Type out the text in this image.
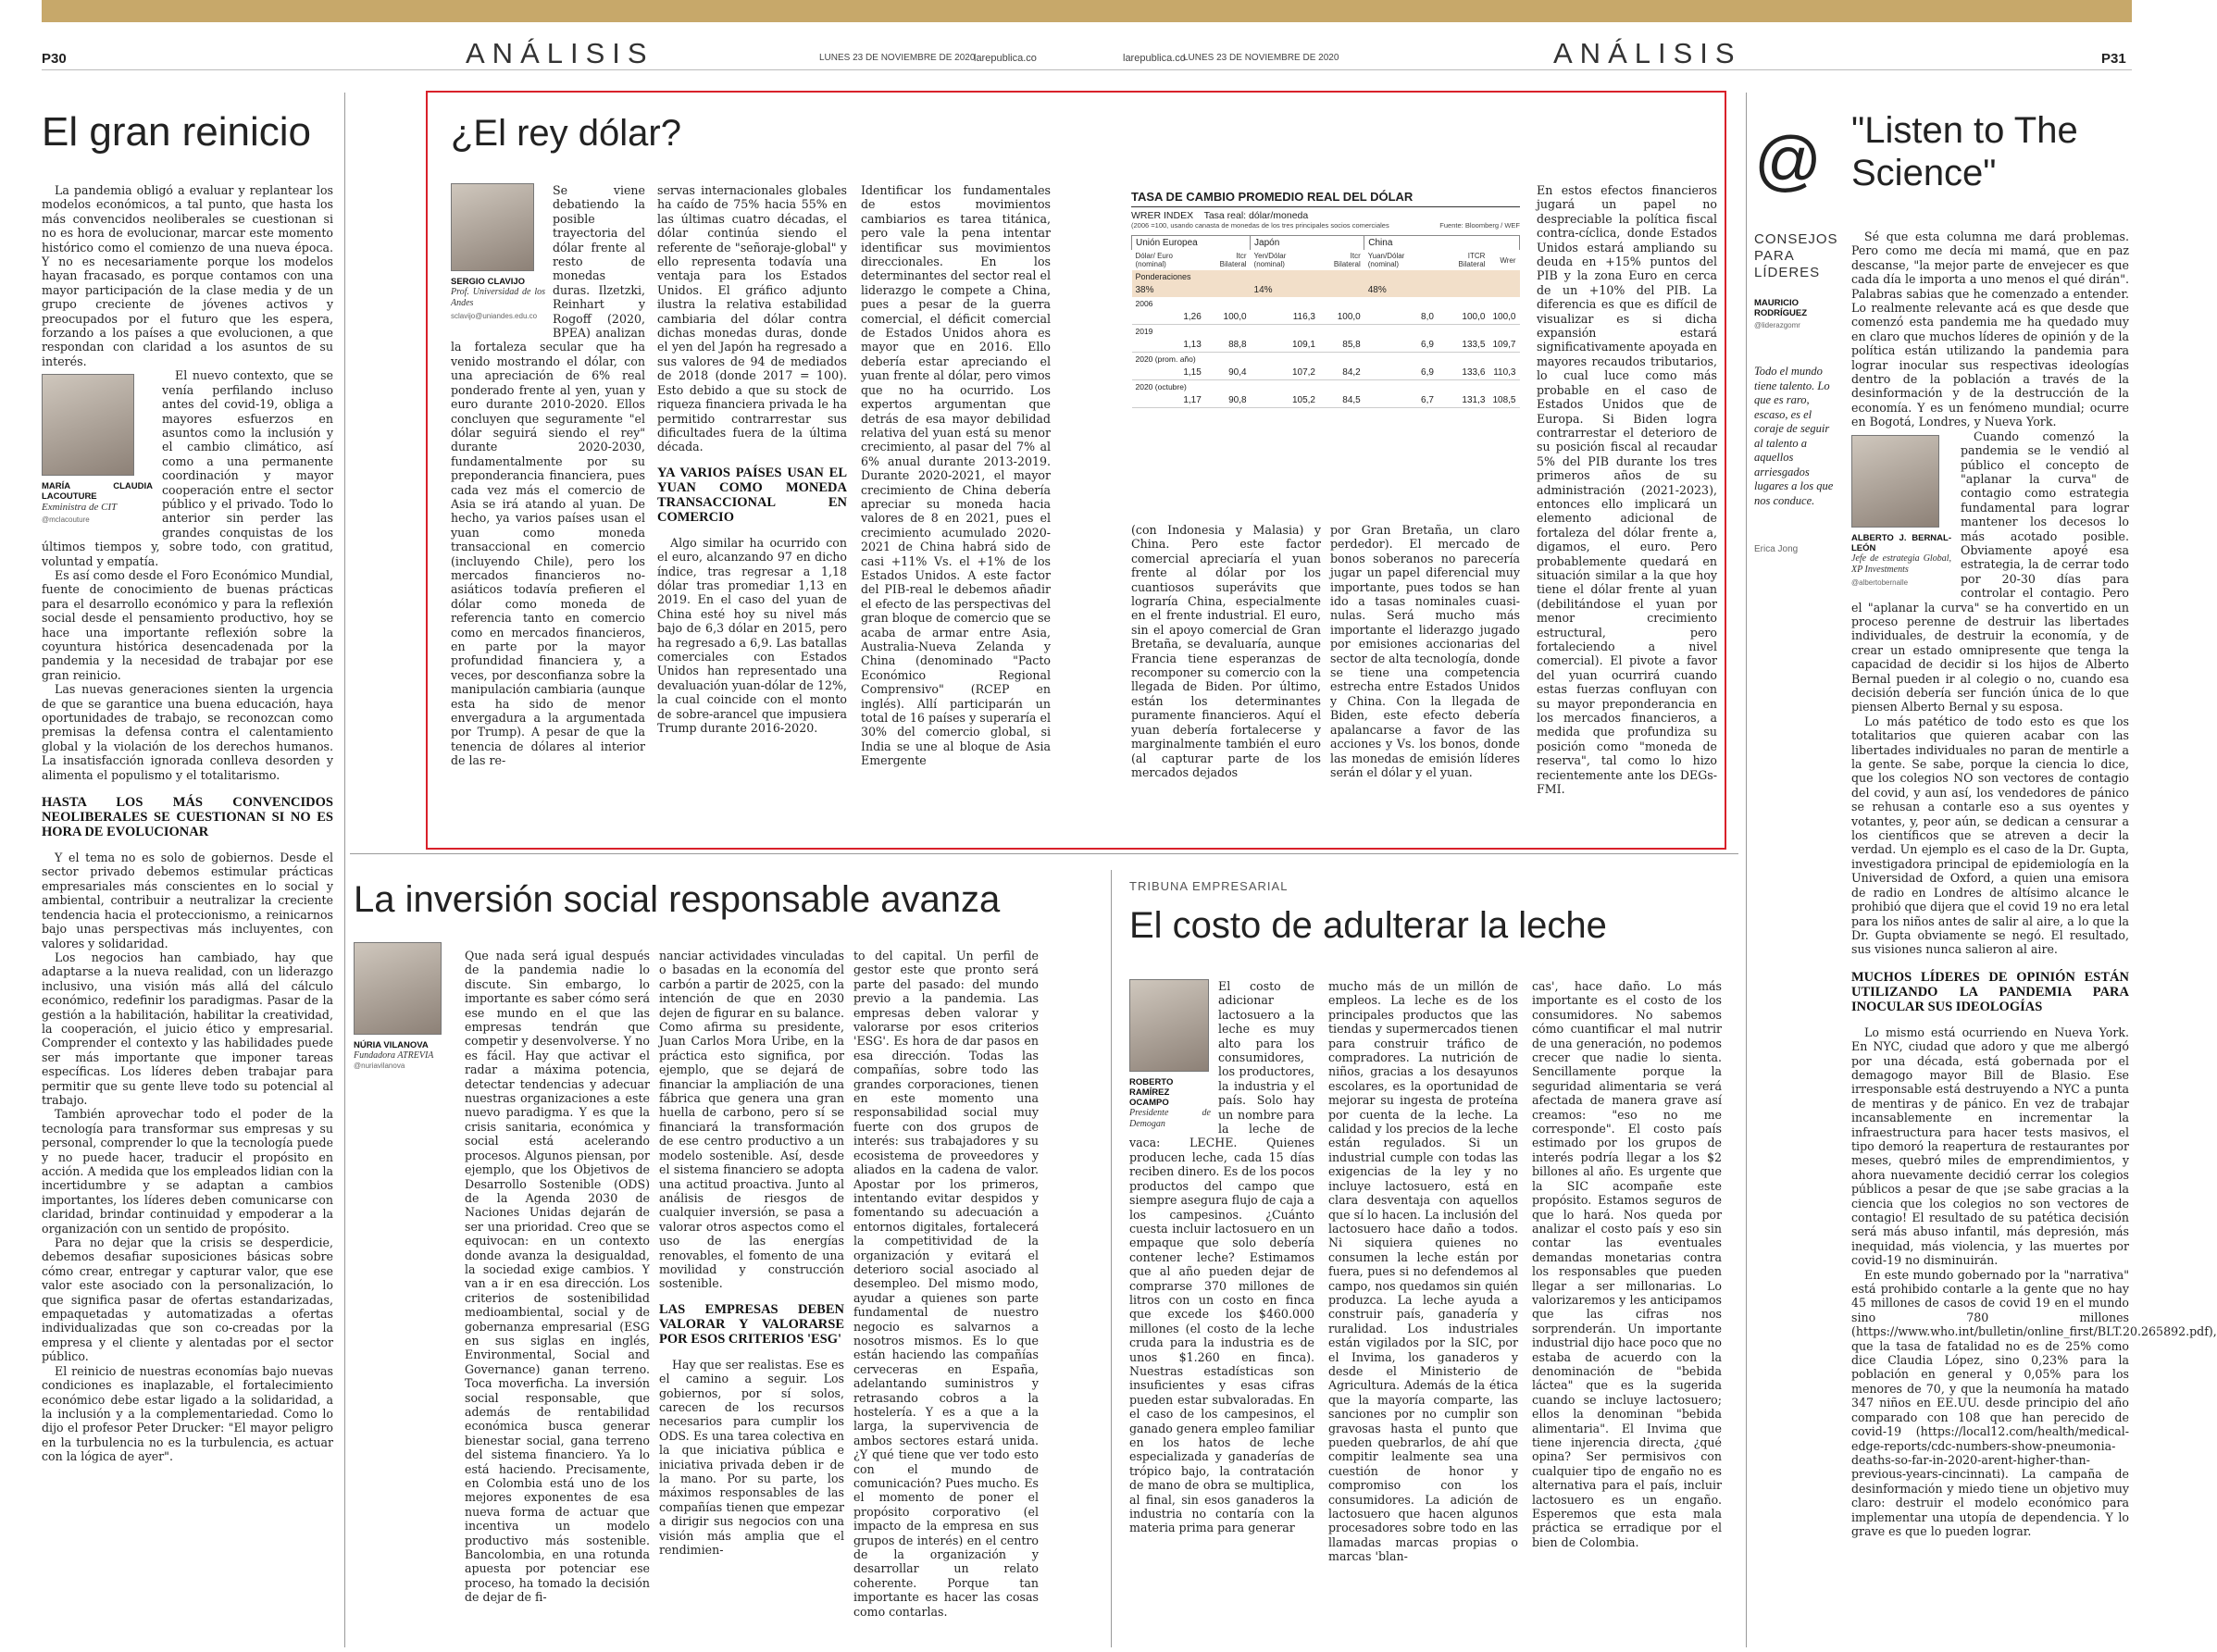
P30	ANÁLISIS	LUNES 23 DE NOVIEMBRE DE 2020
larepublica.co	larepublica.co
LUNES 23 DE NOVIEMBRE DE 2020	ANÁLISIS	P31
El gran reinicio

La pandemia obligó a evaluar y replantear los modelos económicos, a tal punto, que hasta los más convencidos neoliberales se cuestionan si no es hora de evolucionar, marcar este momento histórico como el comienzo de una nueva época. Y no es necesariamente porque los modelos hayan fracasado, es porque contamos con una mayor participación de la clase media y de un grupo creciente de jóvenes activos y preocupados por el futuro que les espera, forzando a los países a que evolucionen, a que respondan con claridad a los asuntos de su interés.

MARÍA CLAUDIA LACOUTURE
Exministra de CIT
@mclacouture

El nuevo contexto, que se venía perfilando incluso antes del covid-19, obliga a mayores esfuerzos en asuntos como la inclusión y el cambio climático, así como a una permanente coordinación y mayor cooperación entre el sector público y el privado. Todo lo anterior sin perder las grandes conquistas de los últimos tiempos y, sobre todo, con gratitud, voluntad y empatía.

Es así como desde el Foro Económico Mundial, fuente de conocimiento de buenas prácticas para el desarrollo económico y para la reflexión social desde el pensamiento productivo, hoy se hace una importante reflexión sobre la coyuntura histórica desencadenada por la pandemia y la necesidad de trabajar por ese gran reinicio.

Las nuevas generaciones sienten la urgencia de que se garantice una buena educación, haya oportunidades de trabajo, se reconozcan como premisas la defensa contra el calentamiento global y la violación de los derechos humanos. La insatisfacción ignorada conlleva desorden y alimenta el populismo y el totalitarismo.

HASTA LOS MÁS CONVENCIDOS NEOLIBERALES SE CUESTIONAN SI NO ES HORA DE EVOLUCIONAR

Y el tema no es solo de gobiernos. Desde el sector privado debemos estimular prácticas empresariales más conscientes en lo social y ambiental, contribuir a neutralizar la creciente tendencia hacia el proteccionismo, a reinicarnos bajo unas perspectivas más incluyentes, con valores y solidaridad.

Los negocios han cambiado, hay que adaptarse a la nueva realidad, con un liderazgo inclusivo, una visión más allá del cálculo económico, redefinir los paradigmas. Pasar de la gestión a la habilitación, habilitar la creatividad, la cooperación, el juicio ético y empresarial. Comprender el contexto y las habilidades puede ser más importante que imponer tareas específicas. Los líderes deben trabajar para permitir que su gente lleve todo su potencial al trabajo.

También aprovechar todo el poder de la tecnología para transformar sus empresas y su personal, comprender lo que la tecnología puede y no puede hacer, traducir el propósito en acción. A medida que los empleados lidian con la incertidumbre y se adaptan a cambios importantes, los líderes deben comunicarse con claridad, brindar continuidad y empoderar a la organización con un sentido de propósito.

Para no dejar que la crisis se desperdicie, debemos desafiar suposiciones básicas sobre cómo crear, entregar y capturar valor, que ese valor este asociado con la personalización, lo que significa pasar de ofertas estandarizadas, empaquetadas y automatizadas a ofertas individualizadas que son co-creadas por la empresa y el cliente y alentadas por el sector público.

El reinicio de nuestras economías bajo nuevas condiciones es inaplazable, el fortalecimiento económico debe estar ligado a la solidaridad, a la inclusión y a la complementariedad. Como lo dijo el profesor Peter Drucker: "El mayor peligro en la turbulencia no es la turbulencia, es actuar con la lógica de ayer".

¿El rey dólar?
SERGIO CLAVIJO
Prof. Universidad de los Andes
sclavijo@uniandes.edu.co
Se viene debatiendo la posible trayectoria del dólar frente al resto de monedas duras. Ilzetzki, Reinhart y Rogoff (2020, BPEA) analizan la fortaleza secular que ha venido mostrando el dólar, con una apreciación de 6% real ponderado frente al yen, yuan y euro durante 2010-2020. Ellos concluyen que seguramente "el dólar seguirá siendo el rey" durante 2020-2030, fundamentalmente por su preponderancia financiera, pues cada vez más el comercio de Asia se irá atando al yuan. De hecho, ya varios países usan el yuan como moneda transaccional en comercio (incluyendo Chile), pero los mercados financieros no-asiáticos todavía prefieren el dólar como moneda de referencia tanto en comercio como en mercados financieros, en parte por la mayor profundidad financiera y, a veces, por desconfianza sobre la manipulación cambiaria (aunque esta ha sido de menor envergadura a la argumentada por Trump). A pesar de que la tenencia de dólares al interior de las re-
servas internacionales globales ha caído de 75% hacia 55% en las últimas cuatro décadas, el dólar continúa siendo el referente de "señoraje-global" y ello representa todavía una ventaja para los Estados Unidos. El gráfico adjunto ilustra la relativa estabilidad cambiaria del dólar contra dichas monedas duras, donde el yen del Japón ha regresado a sus valores de 94 de mediados de 2018 (donde 2017 = 100). Esto debido a que su stock de riqueza financiera privada le ha permitido contrarrestar sus dificultades fuera de la última década.
YA VARIOS PAÍSES USAN EL YUAN COMO MONEDA TRANSACCIONAL EN COMERCIO

Algo similar ha ocurrido con el euro, alcanzando 97 en dicho índice, tras regresar a 1,18 dólar tras promediar 1,13 en 2019. En el caso del yuan de China esté hoy su nivel más bajo de 6,3 dólar en 2015, pero ha regresado a 6,9. Las batallas comerciales con Estados Unidos han representado una devaluación yuan-dólar de 12%, la cual coincide con el monto de sobre-arancel que impusiera Trump durante 2016-2020.

Identificar los fundamentales de estos movimientos cambiarios es tarea titánica, pero vale la pena intentar identificar sus movimientos direccionales. En los determinantes del sector real el liderazgo le compete a China, pues a pesar de la guerra comercial, el déficit comercial de Estados Unidos ahora es mayor que en 2016. Ello debería estar apreciando el yuan frente al dólar, pero vimos que no ha ocurrido. Los expertos argumentan que detrás de esa mayor debilidad relativa del yuan está su menor crecimiento, al pasar del 7% al 6% anual durante 2013-2019. Durante 2020-2021, el mayor crecimiento de China debería apreciar su moneda hacia valores de 8 en 2021, pues el crecimiento acumulado 2020-2021 de China habrá sido de casi +11% Vs. el +1% de los Estados Unidos. A este factor del PIB-real le debemos añadir el efecto de las perspectivas del gran bloque de comercio que se acaba de armar entre Asia, Australia-Nueva Zelanda y China (denominado "Pacto Económico Regional Comprensivo" (RCEP en inglés). Allí participarán un total de 16 países y superaría el 30% del comercio global, si India se une al bloque de Asia Emergente
TASA DE CAMBIO PROMEDIO REAL DEL DÓLAR
WRER INDEX Tasa real: dólar/moneda
(2006 =100, usando canasta de monedas de los tres principales socios comerciales	Fuente: Bloomberg / WEF
Unión Europea		Japón		China		
Dólar/ Euro (nominal)	Itcr Bilateral	Yen/Dólar (nominal)	Itcr Bilateral	Yuan/Dólar (nominal)	ITCR Bilateral	Wrer
Ponderaciones						
38%		14%		48%		
2006						
1,26	100,0	116,3	100,0	8,0	100,0	100,0
2019						
1,13	88,8	109,1	85,8	6,9	133,5	109,7
2020 (prom. año)						
1,15	90,4	107,2	84,2	6,9	133,6	110,3
2020 (octubre)						
1,17	90,8	105,2	84,5	6,7	131,3	108,5
(con Indonesia y Malasia) y China. Pero este factor comercial apreciaría el yuan frente al dólar por los cuantiosos superávits que lograría China, especialmente en el frente industrial. El euro, sin el apoyo comercial de Gran Bretaña, se devaluaría, aunque Francia tiene esperanzas de recomponer su comercio con la llegada de Biden. Por último, están los determinantes puramente financieros. Aquí el yuan debería fortalecerse y marginalmente también el euro (al capturar parte de los mercados dejados
por Gran Bretaña, un claro perdedor). El mercado de bonos soberanos no parecería jugar un papel diferencial muy importante, pues todos se han ido a tasas nominales cuasi-nulas. Será mucho más importante el liderazgo jugado por emisiones accionarias del sector de alta tecnología, donde se tiene una competencia estrecha entre Estados Unidos y China. Con la llegada de Biden, este efecto debería apalancarse a favor de las acciones y Vs. los bonos, donde las monedas de emisión líderes serán el dólar y el yuan.
En estos efectos financieros jugará un papel no despreciable la política fiscal contra-cíclica, donde Estados Unidos estará ampliando su deuda en +15% puntos del PIB y la zona Euro en cerca de un +10% del PIB. La diferencia es que es difícil de visualizar es si dicha expansión estará significativamente apoyada en mayores recaudos tributarios, lo cual luce como más probable en el caso de Estados Unidos que de Europa. Si Biden logra contrarrestar el deterioro de su posición fiscal al recaudar 5% del PIB durante los tres primeros años de su administración (2021-2023), entonces ello implicará un elemento adicional de fortaleza del dólar frente a, digamos, el euro. Pero probablemente quedará en situación similar a la que hoy tiene el dólar frente al yuan (debilitándose el yuan por menor crecimiento estructural, pero fortaleciendo a nivel comercial). El pivote a favor del yuan ocurrirá cuando estas fuerzas confluyan con su mayor preponderancia en los mercados financieros, a medida que profundiza su posición como "moneda de reserva", tal como lo hizo recientemente ante los DEGs-FMI.
@
CONSEJOS
PARA
LÍDERES
MAURICIO RODRÍGUEZ
@liderazgomr
Todo el mundo tiene talento. Lo que es raro, escaso, es el coraje de seguir al talento a aquellos arriesgados lugares a los que nos conduce.
Erica Jong
"Listen to The Science"

Sé que esta columna me dará problemas. Pero como me decía mi mamá, que en paz descanse, "la mejor parte de envejecer es que cada día le importa a uno menos el qué dirán". Palabras sabias que he comenzado a entender. Lo realmente relevante acá es que desde que comenzó esta pandemia me ha quedado muy en claro que muchos líderes de opinión y de la política están utilizando la pandemia para lograr inocular sus respectivas ideologías dentro de la población a través de la desinformación y de la destrucción de la economía. Y es un fenómeno mundial; ocurre en Bogotá, Londres, y Nueva York.

ALBERTO J. BERNAL-LEÓN
Jefe de estrategia Global, XP Investments
@albertobernalle

Cuando comenzó la pandemia se le vendió al público el concepto de "aplanar la curva" de contagio como estrategia fundamental para lograr mantener los decesos lo más acotado posible. Obviamente apoyé esa estrategia, la de cerrar todo por 20-30 días para controlar el contagio. Pero el "aplanar la curva" se ha convertido en un proceso perenne de destruir las libertades individuales, de destruir la economía, y de crear un estado omnipresente que tenga la capacidad de decidir si los hijos de Alberto Bernal pueden ir al colegio o no, cuando esa decisión debería ser función única de lo que piensen Alberto Bernal y su esposa.

Lo más patético de todo esto es que los totalitarios que quieren acabar con las libertades individuales no paran de mentirle a la gente. Se sabe, porque la ciencia lo dice, que los colegios NO son vectores de contagio del covid, y aun así, los vendedores de pánico se rehusan a contarle eso a sus oyentes y votantes, y, peor aún, se dedican a censurar a los científicos que se atreven a decir la verdad. Un ejemplo es el caso de la Dr. Gupta, investigadora principal de epidemiología en la Universidad de Oxford, a quien una emisora de radio en Londres de altísimo alcance le prohibió que dijera que el covid 19 no era letal para los niños antes de salir al aire, a lo que la Dr. Gupta obviamente se negó. El resultado, sus visiones nunca salieron al aire.

MUCHOS LÍDERES DE OPINIÓN ESTÁN UTILIZANDO LA PANDEMIA PARA INOCULAR SUS IDEOLOGÍAS

Lo mismo está ocurriendo en Nueva York. En NYC, ciudad que adoro y que me albergó por una década, está gobernada por el demagogo mayor Bill de Blasio. Ese irresponsable está destruyendo a NYC a punta de mentiras y de pánico. En vez de trabajar incansablemente en incrementar la infraestructura para hacer tests masivos, el tipo demoró la reapertura de restaurantes por meses, quebró miles de emprendimientos, y ahora nuevamente decidió cerrar los colegios públicos a pesar de que ¡se sabe gracias a la ciencia que los colegios no son vectores de contagio! El resultado de su patética decisión será más abuso infantil, más depresión, más inequidad, más violencia, y las muertes por covid-19 no disminuirán.

En este mundo gobernado por la "narrativa" está prohibido contarle a la gente que no hay 45 millones de casos de covid 19 en el mundo sino 780 millones (https://www.who.int/bulletin/online_first/BLT.20.265892.pdf), que la tasa de fatalidad no es de 25% como dice Claudia López, sino 0,23% para la población en general y 0,05% para los menores de 70, y que la neumonía ha matado 347 niños en EE.UU. desde principio del año comparado con 108 que han perecido de covid-19 (https://local12.com/health/medical-edge-reports/cdc-numbers-show-pneumonia-deaths-so-far-in-2020-arent-higher-than-previous-years-cincinnati). La campaña de desinformación y miedo tiene un objetivo muy claro: destruir el modelo económico para implementar una utopía de dependencia. Y lo grave es que lo pueden lograr.

La inversión social responsable avanza
NÚRIA VILANOVA
Fundadora ATREVIA
@nuriavilanova
Que nada será igual después de la pandemia nadie lo discute. Sin embargo, lo importante es saber cómo será ese mundo en el que las empresas tendrán que competir y desenvolverse. Y no es fácil. Hay que activar el radar a máxima potencia, detectar tendencias y adecuar nuestras organizaciones a este nuevo paradigma. Y es que la crisis sanitaria, económica y social está acelerando procesos. Algunos piensan, por ejemplo, que los Objetivos de Desarrollo Sostenible (ODS) de la Agenda 2030 de Naciones Unidas dejarán de ser una prioridad. Creo que se equivocan: en un contexto donde avanza la desigualdad, la sociedad exige cambios. Y van a ir en esa dirección. Los criterios de sostenibilidad medioambiental, social y de gobernanza empresarial (ESG en sus siglas en inglés, Environmental, Social and Governance) ganan terreno. Toca moverficha. La inversión social responsable, que además de rentabilidad económica busca generar bienestar social, gana terreno del sistema financiero. Ya lo está haciendo. Precisamente, en Colombia está uno de los mejores exponentes de esa nueva forma de actuar que incentiva un modelo productivo más sostenible. Bancolombia, en una rotunda apuesta por potenciar ese proceso, ha tomado la decisión de dejar de fi-
nanciar actividades vinculadas o basadas en la economía del carbón a partir de 2025, con la intención de que en 2030 dejen de figurar en su balance. Como afirma su presidente, Juan Carlos Mora Uribe, en la práctica esto significa, por ejemplo, que se dejará de financiar la ampliación de una fábrica que genera una gran huella de carbono, pero sí se financiará la transformación de ese centro productivo a un modelo sostenible. Así, desde el sistema financiero se adopta una actitud proactiva. Junto al análisis de riesgos de cualquier inversión, se pasa a valorar otros aspectos como el uso de las energías renovables, el fomento de una movilidad y construcción sostenible.
LAS EMPRESAS DEBEN VALORAR Y VALORARSE POR ESOS CRITERIOS 'ESG'

Hay que ser realistas. Ese es el camino a seguir. Los gobiernos, por sí solos, carecen de los recursos necesarios para cumplir los ODS. Es una tarea colectiva en la que iniciativa pública e iniciativa privada deben ir de la mano. Por su parte, los máximos responsables de las compañías tienen que empezar a dirigir sus negocios con una visión más amplia que el rendimien-

to del capital. Un perfil de gestor este que pronto será parte del pasado: del mundo previo a la pandemia. Las empresas deben valorar y valorarse por esos criterios 'ESG'. Es hora de dar pasos en esa dirección. Todas las compañías, sobre todo las grandes corporaciones, tienen en este momento una responsabilidad social muy fuerte con dos grupos de interés: sus trabajadores y su ecosistema de proveedores y aliados en la cadena de valor. Apostar por los primeros, intentando evitar despidos y fomentando su adecuación a entornos digitales, fortalecerá la competitividad de la organización y evitará el deterioro social asociado al desempleo. Del mismo modo, ayudar a quienes son parte fundamental de nuestro negocio es salvarnos a nosotros mismos. Es lo que están haciendo las compañías cerveceras en España, adelantando suministros y retrasando cobros a la hostelería. Y es a que a la larga, la supervivencia de ambos sectores estará unida. ¿Y qué tiene que ver todo esto con el mundo de comunicación? Pues mucho. Es el momento de poner el propósito corporativo (el impacto de la empresa en sus grupos de interés) en el centro de la organización y desarrollar un relato coherente. Porque tan importante es hacer las cosas como contarlas.
TRIBUNA EMPRESARIAL
El costo de adulterar la leche
ROBERTO RAMÍREZ OCAMPO
Presidente de Demogan
El costo de adicionar lactosuero a la leche es muy alto para los consumidores, los productores, la industria y el país. Solo hay un nombre para la leche de vaca: LECHE. Quienes producen leche, cada 15 días reciben dinero. Es de los pocos productos del campo que siempre asegura flujo de caja a los campesinos. ¿Cuánto cuesta incluir lactosuero en un empaque que solo debería contener leche? Estimamos que al año pueden dejar de comprarse 370 millones de litros con un costo en finca que excede los $460.000 millones (el costo de la leche cruda para la industria es de unos $1.260 en finca). Nuestras estadísticas son insuficientes y esas cifras pueden estar subvaloradas. En el caso de los campesinos, el ganado genera empleo familiar en los hatos de leche especializada y ganaderías de trópico bajo, la contratación de mano de obra se multiplica, al final, sin esos ganaderos la industria no contaría con la materia prima para generar
mucho más de un millón de empleos. La leche es de los principales productos que las tiendas y supermercados tienen para construir tráfico de compradores. La nutrición de niños, gracias a los desayunos escolares, es la oportunidad de mejorar su ingesta de proteína por cuenta de la leche. La calidad y los precios de la leche están regulados. Si un industrial cumple con todas las exigencias de la ley y no incluye lactosuero, está en clara desventaja con aquellos que sí lo hacen. La inclusión del lactosuero hace daño a todos. Ni siquiera quienes no consumen la leche están por fuera, pues si no defendemos al campo, nos quedamos sin quién produzca. La leche ayuda a construir país, ganadería y ruralidad. Los industriales están vigilados por la SIC, por el Invima, los ganaderos y desde el Ministerio de Agricultura. Además de la ética que la mayoría comparte, las sanciones por no cumplir son gravosas hasta el punto que pueden quebrarlos, de ahí que compitir lealmente sea una cuestión de honor y compromiso con los consumidores. La adición de lactosuero que hacen algunos procesadores sobre todo en las llamadas marcas propias o marcas 'blan-
cas', hace daño. Lo más importante es el costo de los consumidores. No sabemos cómo cuantificar el mal nutrir de una generación, no podemos crecer que nadie lo sienta. Sencillamente porque la seguridad alimentaria se verá afectada de manera grave así creamos: "eso no me corresponde". El costo país estimado por los grupos de interés podría llegar a los $2 billones al año. Es urgente que la SIC acompañe este propósito. Estamos seguros de que lo hará. Nos queda por analizar el costo país y eso sin contar las eventuales demandas monetarias contra los responsables que pueden llegar a ser millonarias. Lo valorizaremos y les anticipamos que las cifras nos sorprenderán. Un importante industrial dijo hace poco que no estaba de acuerdo con la denominación de "bebida láctea" que es la sugerida cuando se incluye lactosuero; ellos la denominan "bebida alimentaria". El Invima que tiene injerencia directa, ¿qué opina? Ser permisivos con cualquier tipo de engaño no es alternativa para el país, incluir lactosuero es un engaño. Esperemos que esta mala práctica se erradique por el bien de Colombia.
